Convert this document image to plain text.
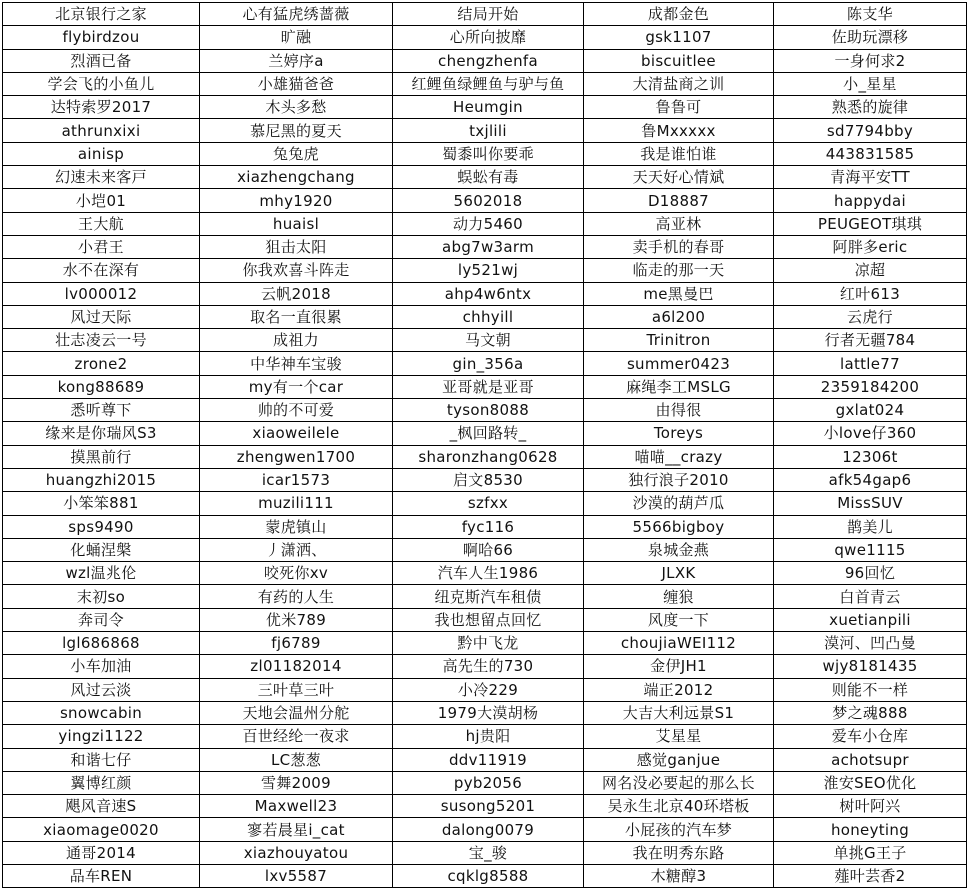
北京银行之家	心有猛虎绣蔷薇	结局开始	成都金色	陈支华
flybirdzou	旷融	心所向披靡	gsk1107	佐助玩漂移
烈酒已备	兰婷序a	chengzhenfa	biscuitlee	一身何求2
学会飞的小鱼儿	小雄猫爸爸	红鲤鱼绿鲤鱼与驴与鱼	大清盐商之训	小_星星
达特索罗2017	木头多愁	Heumgin	鲁鲁可	熟悉的旋律
athrunxixi	慕尼黑的夏天	txjlili	鲁Mxxxxx	sd7794bby
ainisp	兔兔虎	蜀黍叫你要乖	我是谁怕谁	443831585
幻速未来客戸	xiazhengchang	蜈蚣有毒	天天好心情斌	青海平安TT
小垲01	mhy1920	5602018	D18887	happydai
王大航	huaisl	动力5460	高亚林	PEUGEOT琪琪
小君王	狙击太阳	abg7w3arm	卖手机的春哥	阿胖多eric
水不在深有	你我欢喜斗阵走	ly521wj	临走的那一天	凉超
lv000012	云帆2018	ahp4w6ntx	me黑曼巴	红叶613
风过天际	取名一直很累	chhyill	a6l200	云虎行
壮志凌云一号	成祖力	马文朝	Trinitron	行者无疆784
zrone2	中华神车宝骏	gin_356a	summer0423	lattle77
kong88689	my有一个car	亚哥就是亚哥	麻绳李工MSLG	2359184200
悉听尊下	帅的不可爱	tyson8088	由得很	gxlat024
缘来是你瑞风S3	xiaoweilele	_枫回路转_	Toreys	小love仔360
摸黑前行	zhengwen1700	sharonzhang0628	喵喵__crazy	12306t
huangzhi2015	icar1573	启文8530	独行浪子2010	afk54gap6
小笨笨881	muzili111	szfxx	沙漠的葫芦瓜	MissSUV
sps9490	蒙虎镇山	fyc116	5566bigboy	鹊美儿
化蛹涅槃	丿潇洒、	啊哈66	泉城金燕	qwe1115
wzl温兆伦	咬死你xv	汽车人生1986	JLXK	96回忆
末初so	有药的人生	纽克斯汽车租债	缠狼	白首青云
奔司令	优米789	我也想留点回忆	风度一下	xuetianpili
lgl686868	fj6789	黔中飞龙	choujiaWEI112	漠河、凹凸曼
小车加油	zl01182014	高先生的730	金伊JH1	wjy8181435
风过云淡	三叶草三叶	小冷229	端正2012	则能不一样
snowcabin	天地会温州分舵	1979大漠胡杨	大吉大利远景S1	梦之魂888
yingzi1122	百世经纶一夜求	hj贵阳	艾星星	爱车小仓库
和谐七仔	LC葱葱	ddv11919	感觉ganjue	achotsupr
翼博红颜	雪舞2009	pyb2056	网名没必要起的那么长	淮安SEO优化
飓风音速S	Maxwell23	susong5201	吴永生北京40环塔板	树叶阿兴
xiaomage0020	寥若晨星i_cat	dalong0079	小屁孩的汽车梦	honeyting
通哥2014	xiazhouyatou	宝_骏	我在明秀东路	单挑G王子
品车REN	lxv5587	cqklg8588	木糖醇3	薤叶芸香2
